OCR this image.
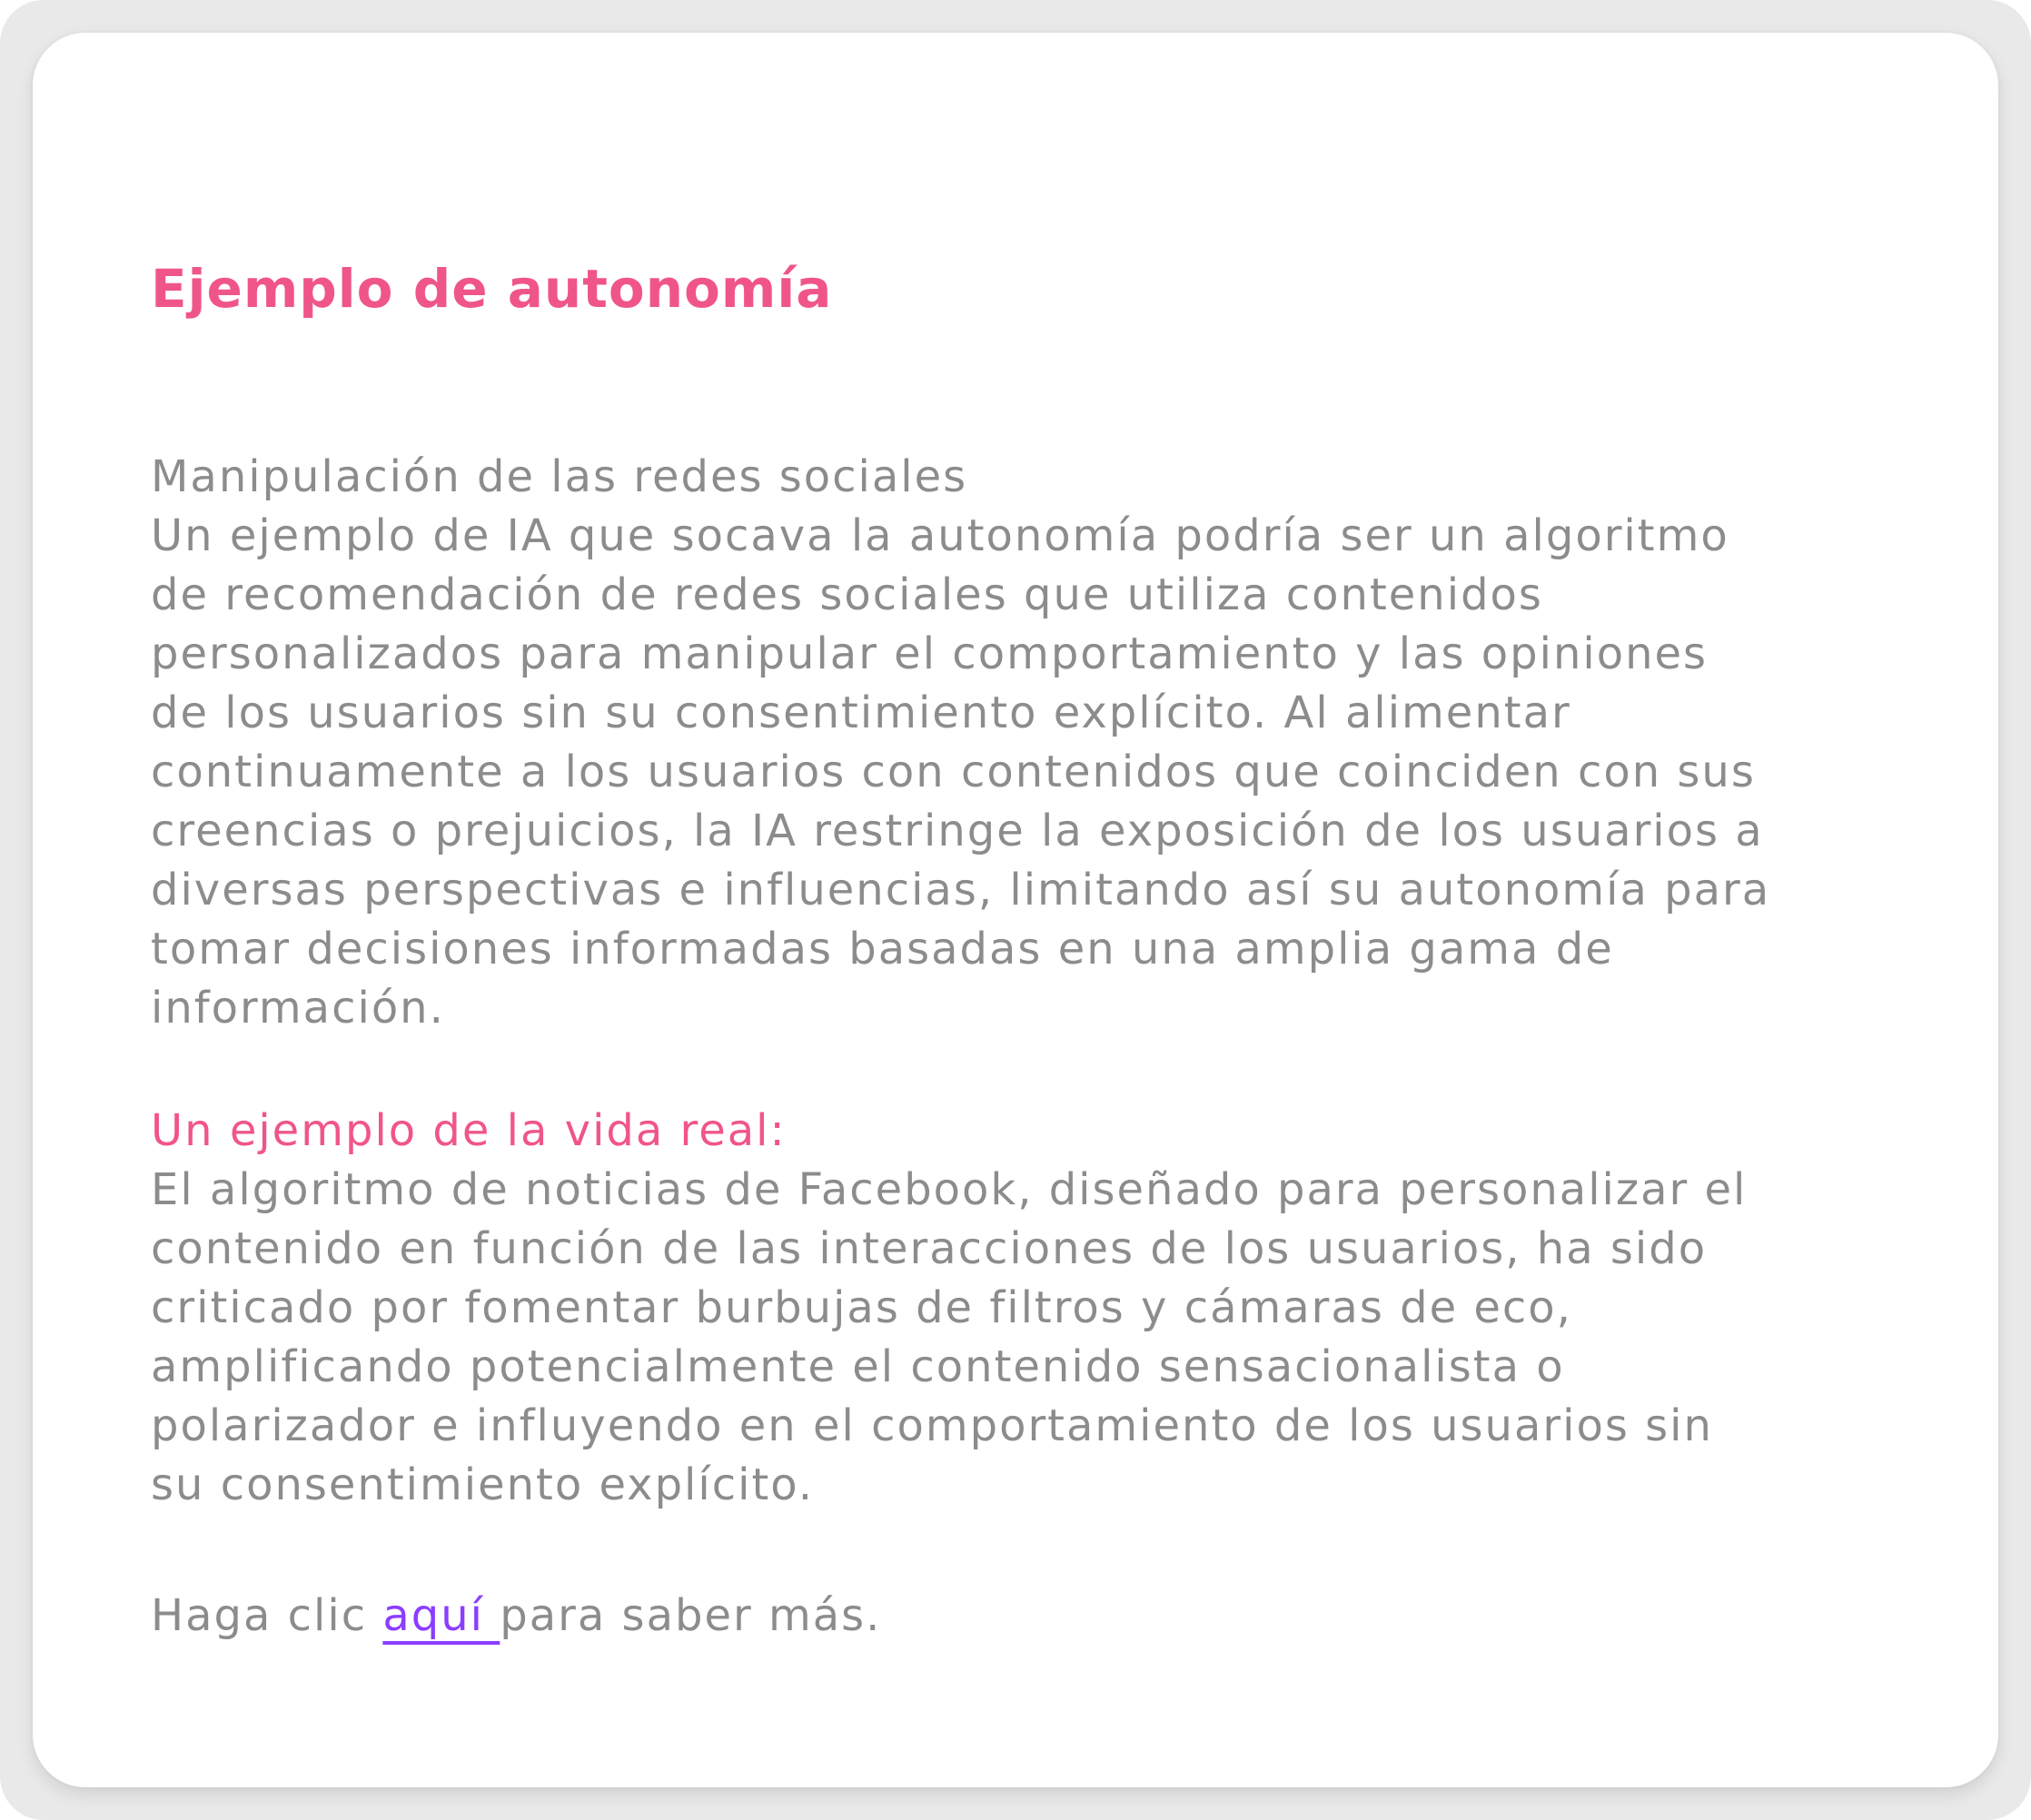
Ejemplo de autonomía
Manipulación de las redes sociales
Un ejemplo de IA que socava la autonomía podría ser un algoritmo
de recomendación de redes sociales que utiliza contenidos
personalizados para manipular el comportamiento y las opiniones
de los usuarios sin su consentimiento explícito. Al alimentar
continuamente a los usuarios con contenidos que coinciden con sus
creencias o prejuicios, la IA restringe la exposición de los usuarios a
diversas perspectivas e influencias, limitando así su autonomía para
tomar decisiones informadas basadas en una amplia gama de
información.
Un ejemplo de la vida real:
El algoritmo de noticias de Facebook, diseñado para personalizar el
contenido en función de las interacciones de los usuarios, ha sido
criticado por fomentar burbujas de filtros y cámaras de eco,
amplificando potencialmente el contenido sensacionalista o
polarizador e influyendo en el comportamiento de los usuarios sin
su consentimiento explícito.
Haga clic aquí para saber más.
